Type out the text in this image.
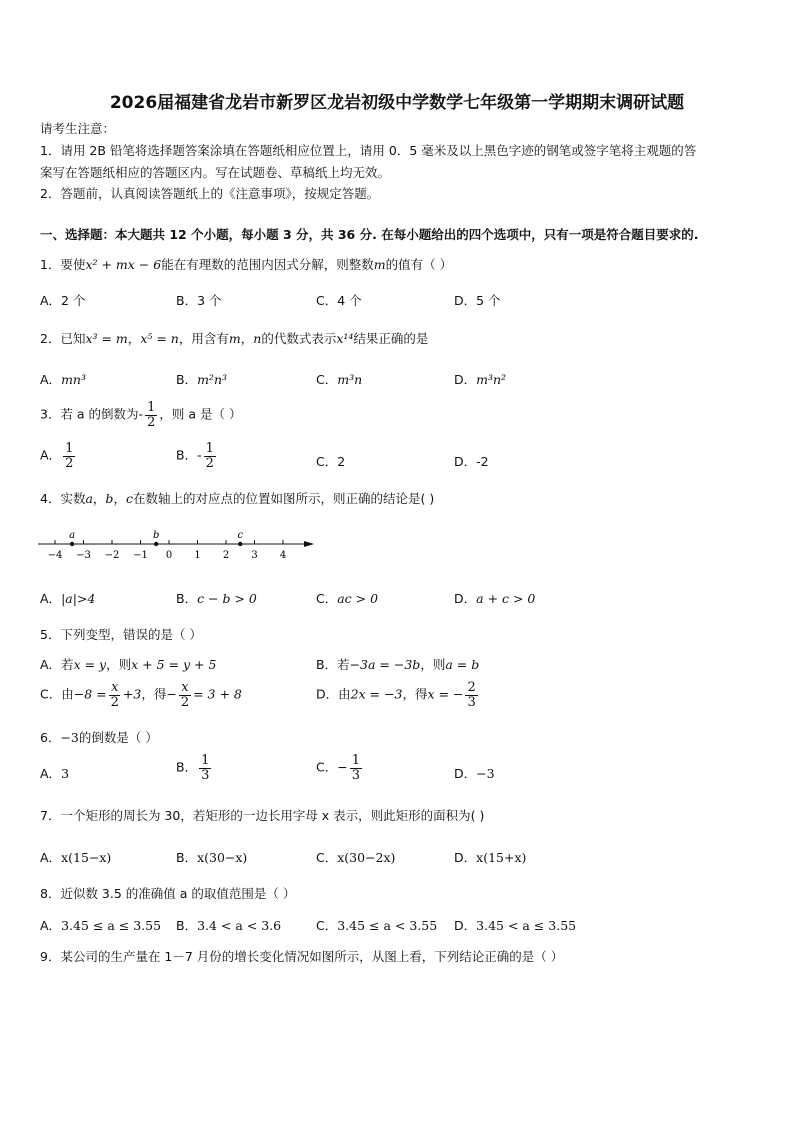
2026届福建省龙岩市新罗区龙岩初级中学数学七年级第一学期期末调研试题
请考生注意：
1．请用 2B 铅笔将选择题答案涂填在答题纸相应位置上，请用 0．5 毫米及以上黑色字迹的钢笔或签字笔将主观题的答
案写在答题纸相应的答题区内。写在试题卷、草稿纸上均无效。
2．答题前，认真阅读答题纸上的《注意事项》，按规定答题。
一、选择题：本大题共 12 个小题，每小题 3 分，共 36 分. 在每小题给出的四个选项中，只有一项是符合题目要求的.
1．要使x² + mx − 6能在有理数的范围内因式分解，则整数m的值有（ ）
A．2 个	B．3 个	C．4 个	D．5 个
2．已知x³ = m，x⁵ = n，用含有m，n的代数式表示x¹⁴结果正确的是
A．mn³	B．m²n³	C．m³n	D．m³n²
3．若 a 的倒数为- $\frac{1}{2}$ ，则 a 是（ ）
A． $\frac{1}{2}$	B．- $\frac{1}{2}$	C．2	D．-2
4．实数a，b，c在数轴上的对应点的位置如图所示，则正确的结论是( )
−4 −3 −2 −1 0 1 2 3 4
a	b	c
A．|a|>4	B．c − b > 0	C．ac > 0	D．a + c > 0
5．下列变型，错误的是（ ）
A．若x = y，则x + 5 = y + 5	B．若−3a = −3b，则a = b
C．由$-8 = \frac{x}{2} +3$，得− $\frac{x}{2} = 3 + 8$	D．由2x = −3，得x = − $\frac{2}{3}$
6．−3的倒数是（ ）
A．3	B． $\frac{1}{3}$	C．− $\frac{1}{3}$	D．−3
7．一个矩形的周长为 30，若矩形的一边长用字母 x 表示，则此矩形的面积为( )
A．x(15−x)	B．x(30−x)	C．x(30−2x)	D．x(15+x)
8．近似数 3.5 的准确值 a 的取值范围是（ ）
A．3.45 ≤ a ≤ 3.55 B．3.4 < a < 3.6	C．3.45 ≤ a < 3.55 D．3.45 < a ≤ 3.55
9．某公司的生产量在 1－7 月份的增长变化情况如图所示，从图上看，下列结论正确的是（ ）
